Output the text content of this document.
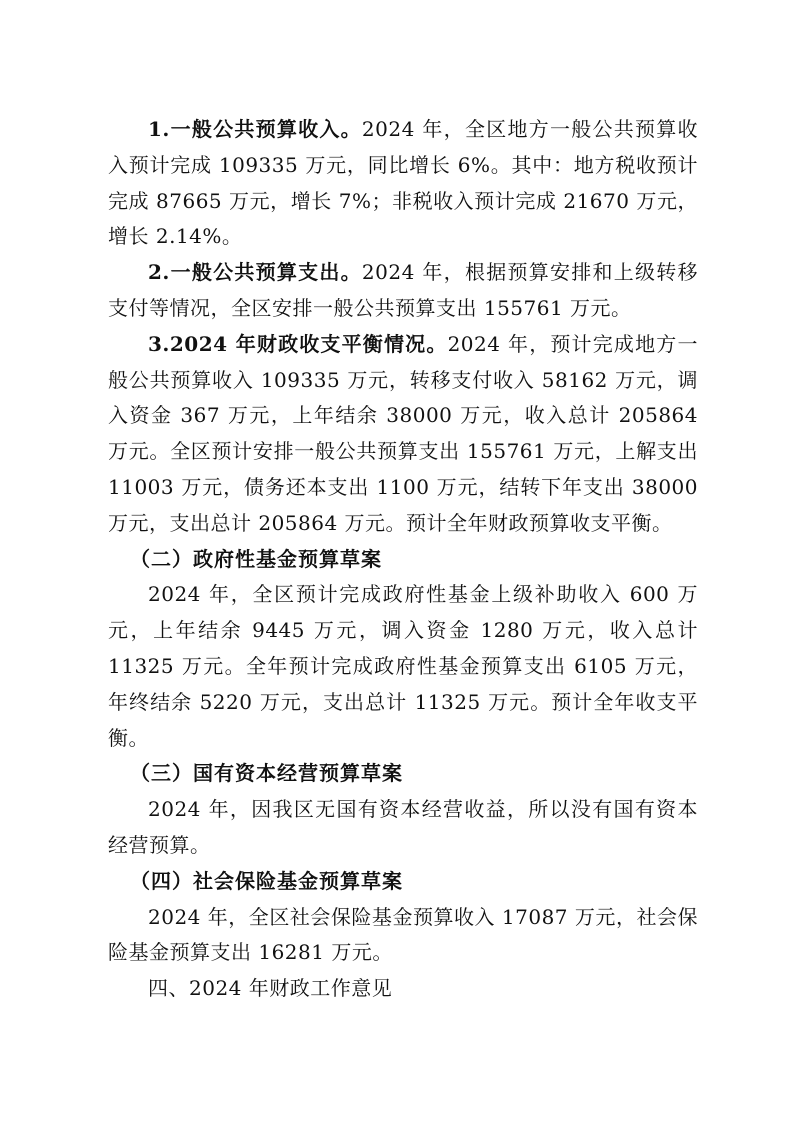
1.一般公共预算收入。2024 年，全区地方一般公共预算收入预计完成 109335 万元，同比增长 6%。其中：地方税收预计完成 87665 万元，增长 7%；非税收入预计完成 21670 万元，增长 2.14%。

2.一般公共预算支出。2024 年，根据预算安排和上级转移支付等情况，全区安排一般公共预算支出 155761 万元。

3.2024 年财政收支平衡情况。2024 年，预计完成地方一般公共预算收入 109335 万元，转移支付收入 58162 万元，调入资金 367 万元，上年结余 38000 万元，收入总计 205864 万元。全区预计安排一般公共预算支出 155761 万元，上解支出 11003 万元，债务还本支出 1100 万元，结转下年支出 38000 万元，支出总计 205864 万元。预计全年财政预算收支平衡。

（二）政府性基金预算草案

2024 年，全区预计完成政府性基金上级补助收入 600 万元，上年结余 9445 万元，调入资金 1280 万元，收入总计 11325 万元。全年预计完成政府性基金预算支出 6105 万元，年终结余 5220 万元，支出总计 11325 万元。预计全年收支平衡。

（三）国有资本经营预算草案

2024 年，因我区无国有资本经营收益，所以没有国有资本经营预算。

（四）社会保险基金预算草案

2024 年，全区社会保险基金预算收入 17087 万元，社会保险基金预算支出 16281 万元。

四、2024 年财政工作意见
